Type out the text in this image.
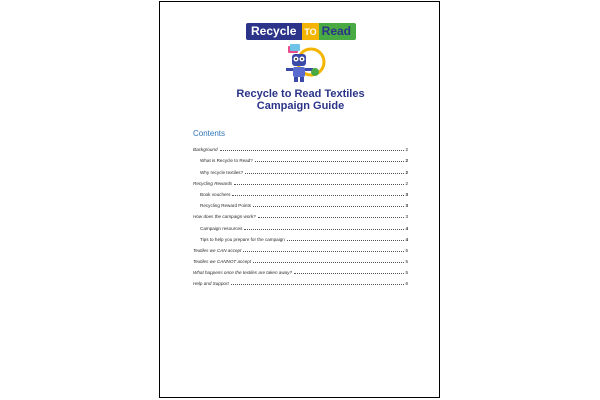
Recycle TO Read
Recycle to Read Textiles
Campaign Guide
Contents
Background	2
What is Recycle to Read?	2
Why recycle textiles?	2
Recycling Rewards	2
Book vouchers	3
Recycling Reward Points	3
How does the campaign work?	3
Campaign resources	4
Tips to help you prepare for the campaign	4
Textiles we CAN accept	5
Textiles we CANNOT accept	5
What happens once the textiles are taken away?	5
Help and Support	6
